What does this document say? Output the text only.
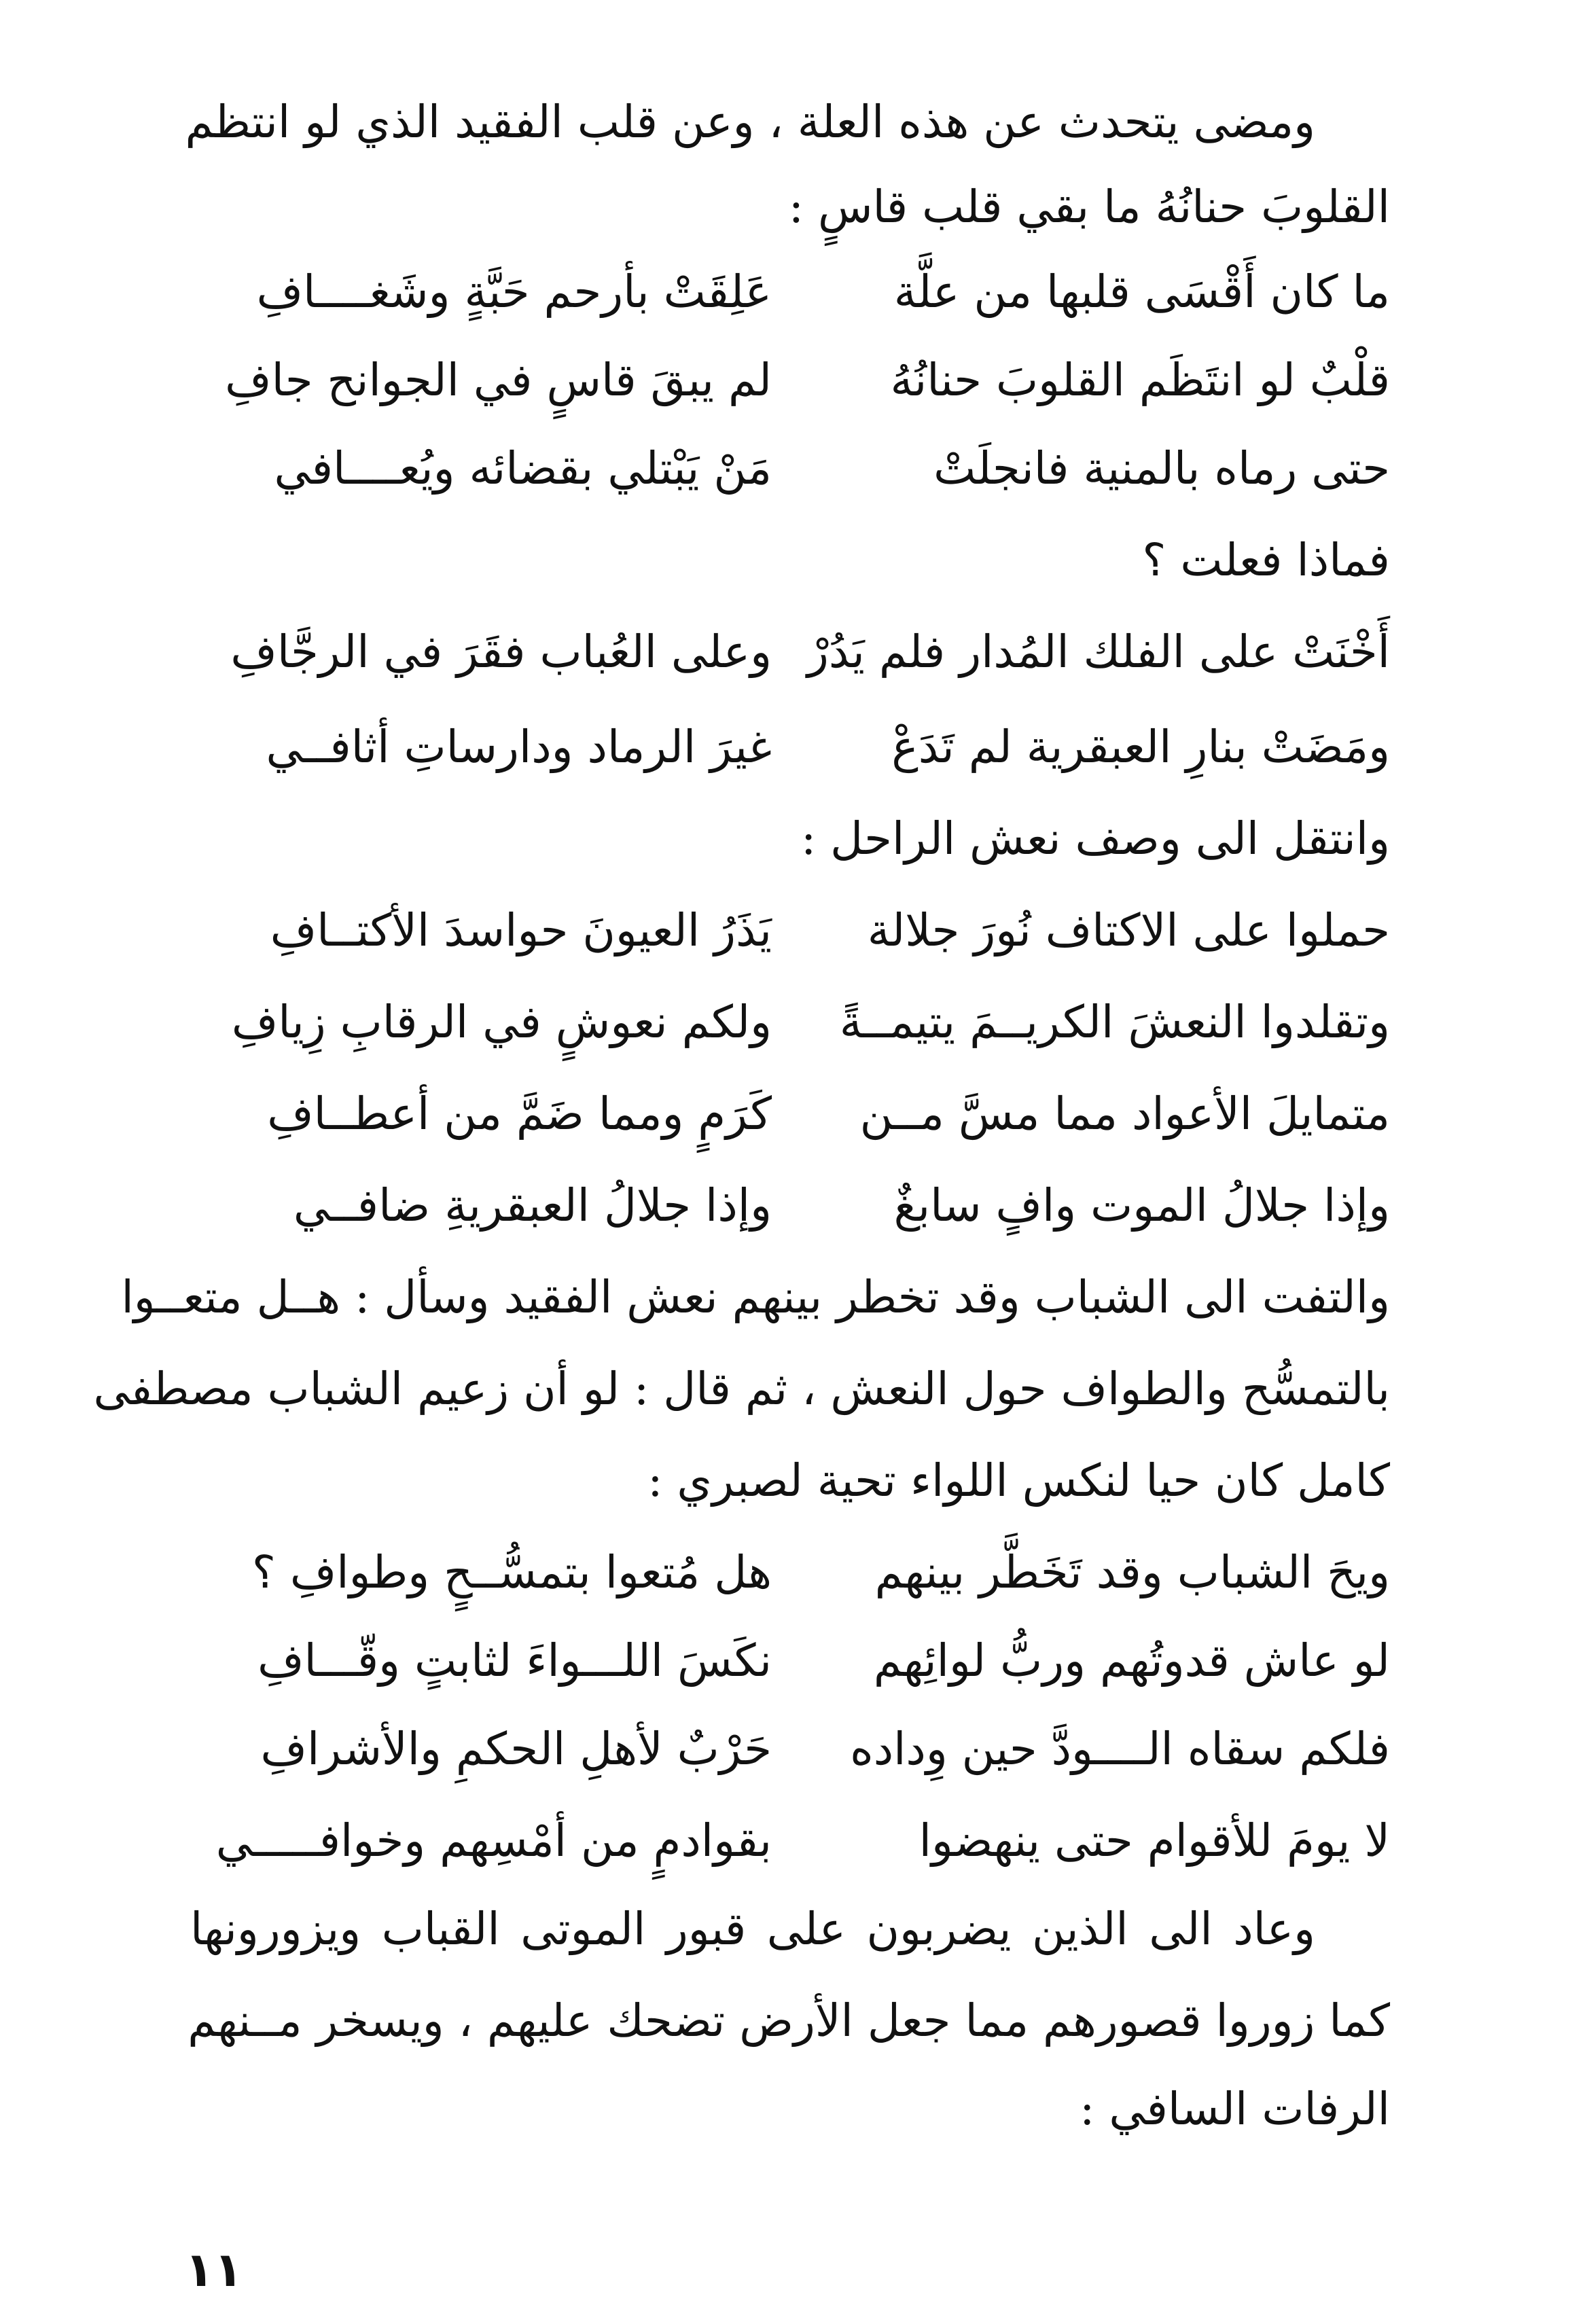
ومضى يتحدث عن هذه العلة ، وعن قلب الفقيد الذي لو انتظم
القلوبَ حنانُهُ ما بقي قلب قاسٍ :
ما كان أَقْسَى قلبها من علَّة
عَلِقَتْ بأرحم حَبَّةٍ وشَغــــافِ
قلْبٌ لو انتَظَم القلوبَ حنانُهُ
لم يبقَ قاسٍ في الجوانح جافِ
حتى رماه بالمنية فانجلَتْ
مَنْ يَبْتلي بقضائه ويُعــــافي
فماذا فعلت ؟
أَخْنَتْ على الفلك المُدار فلم يَدُرْ
وعلى العُباب فقَرَ في الرجَّافِ
ومَضَتْ بنارِ العبقرية لم تَدَعْ
غيرَ الرماد ودارساتِ أثافــي
وانتقل الى وصف نعش الراحل :
حملوا على الاكتاف نُورَ جلالة
يَذَرُ العيونَ حواسدَ الأكتــافِ
وتقلدوا النعشَ الكريــمَ يتيمــةً
ولكم نعوشٍ في الرقابِ زِيافِ
متمايلَ الأعواد مما مسَّ مــن
كَرَمٍ ومما ضَمَّ من أعطــافِ
وإذا جلالُ الموت وافٍ سابغٌ
وإذا جلالُ العبقريةِ ضافــي
والتفت الى الشباب وقد تخطر بينهم نعش الفقيد وسأل : هــل متعــوا
بالتمسُّح والطواف حول النعش ، ثم قال : لو أن زعيم الشباب مصطفى
كامل كان حيا لنكس اللواء تحية لصبري :
ويحَ الشباب وقد تَخَطَّر بينهم
هل مُتعوا بتمسُّــحٍ وطوافِ ؟
لو عاش قدوتُهم وربُّ لوائِهم
نكَسَ اللـــواءَ لثابتٍ وقّـــافِ
فلكم سقاه الــــودَّ حين وِداده
حَرْبٌ لأهلِ الحكمِ والأشرافِ
لا يومَ للأقوام حتى ينهضوا
بقوادمٍ من أمْسِهم وخوافـــــي
وعاد الى الذين يضربون على قبور الموتى القباب ويزورونها
كما زوروا قصورهم مما جعل الأرض تضحك عليهم ، ويسخر مــنهم
الرفات السافي :
١١
